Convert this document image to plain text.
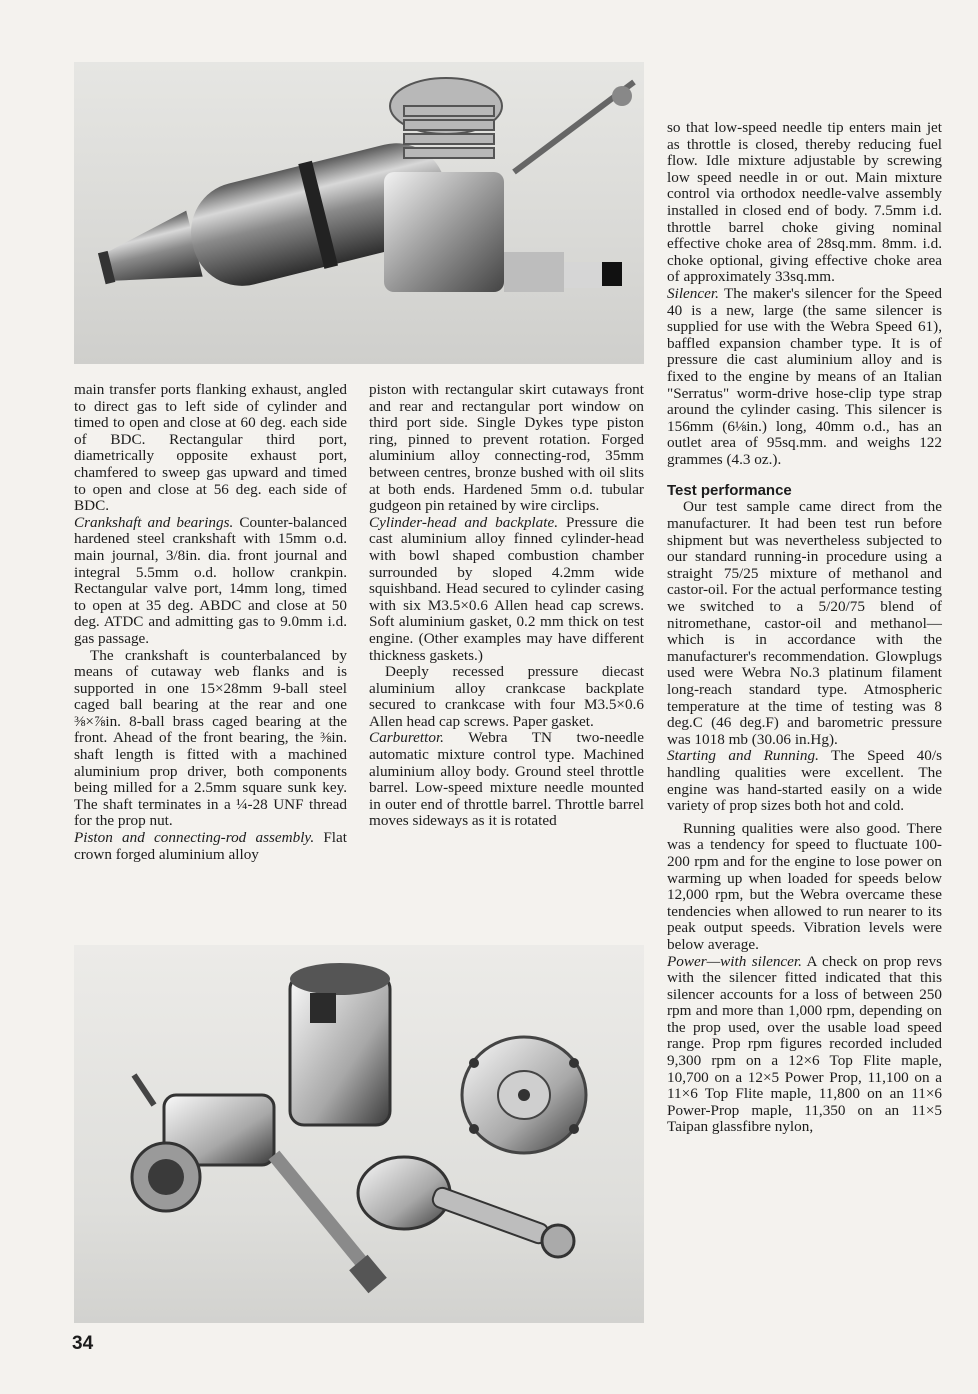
main transfer ports flanking exhaust, angled to direct gas to left side of cylinder and timed to open and close at 60 deg. each side of BDC. Rectangular third port, diametrically opposite exhaust port, chamfered to sweep gas upward and timed to open and close at 56 deg. each side of BDC.

Crankshaft and bearings. Counter-balanced hardened steel crankshaft with 15mm o.d. main journal, 3/8in. dia. front journal and integral 5.5mm o.d. hollow crankpin. Rectangular valve port, 14mm long, timed to open at 35 deg. ABDC and close at 50 deg. ATDC and admitting gas to 9.0mm i.d. gas passage.

The crankshaft is counterbalanced by means of cutaway web flanks and is supported in one 15×28mm 9-ball steel caged ball bearing at the rear and one ⅜×⅞in. 8-ball brass caged bearing at the front. Ahead of the front bearing, the ⅜in. shaft length is fitted with a machined aluminium prop driver, both components being milled for a 2.5mm square sunk key. The shaft terminates in a ¼-28 UNF thread for the prop nut.

Piston and connecting-rod assembly. Flat crown forged aluminium alloy

piston with rectangular skirt cutaways front and rear and rectangular port window on third port side. Single Dykes type piston ring, pinned to prevent rotation. Forged aluminium alloy connecting-rod, 35mm between centres, bronze bushed with oil slits at both ends. Hardened 5mm o.d. tubular gudgeon pin retained by wire circlips.

Cylinder-head and backplate. Pressure die cast aluminium alloy finned cylinder-head with bowl shaped combustion chamber surrounded by sloped 4.2mm wide squishband. Head secured to cylinder casing with six M3.5×0.6 Allen head cap screws. Soft aluminium gasket, 0.2 mm thick on test engine. (Other examples may have different thickness gaskets.)

Deeply recessed pressure diecast aluminium alloy crankcase backplate secured to crankcase with four M3.5×0.6 Allen head cap screws. Paper gasket.

Carburettor. Webra TN two-needle automatic mixture control type. Machined aluminium alloy body. Ground steel throttle barrel. Low-speed mixture needle mounted in outer end of throttle barrel. Throttle barrel moves sideways as it is rotated

so that low-speed needle tip enters main jet as throttle is closed, thereby reducing fuel flow. Idle mixture adjustable by screwing low speed needle in or out. Main mixture control via orthodox needle-valve assembly installed in closed end of body. 7.5mm i.d. throttle barrel choke giving nominal effective choke area of 28sq.mm. 8mm. i.d. choke optional, giving effective choke area of approximately 33sq.mm.

Silencer. The maker's silencer for the Speed 40 is a new, large (the same silencer is supplied for use with the Webra Speed 61), baffled expansion chamber type. It is of pressure die cast aluminium alloy and is fixed to the engine by means of an Italian "Serratus" worm-drive hose-clip type strap around the cylinder casing. This silencer is 156mm (6⅛in.) long, 40mm o.d., has an outlet area of 95sq.mm. and weighs 122 grammes (4.3 oz.).

Test performance

Our test sample came direct from the manufacturer. It had been test run before shipment but was nevertheless subjected to our standard running-in procedure using a straight 75/25 mixture of methanol and castor-oil. For the actual performance testing we switched to a 5/20/75 blend of nitromethane, castor-oil and methanol—which is in accordance with the manufacturer's recommendation. Glowplugs used were Webra No.3 platinum filament long-reach standard type. Atmospheric temperature at the time of testing was 8 deg.C (46 deg.F) and barometric pressure was 1018 mb (30.06 in.Hg).

Starting and Running. The Speed 40/s handling qualities were excellent. The engine was hand-started easily on a wide variety of prop sizes both hot and cold.

Running qualities were also good. There was a tendency for speed to fluctuate 100-200 rpm and for the engine to lose power on warming up when loaded for speeds below 12,000 rpm, but the Webra overcame these tendencies when allowed to run nearer to its peak output speeds. Vibration levels were below average.

Power—with silencer. A check on prop revs with the silencer fitted indicated that this silencer accounts for a loss of between 250 rpm and more than 1,000 rpm, depending on the prop used, over the usable load speed range. Prop rpm figures recorded included 9,300 rpm on a 12×6 Top Flite maple, 10,700 on a 12×5 Power Prop, 11,100 on a 11×6 Top Flite maple, 11,800 on an 11×6 Power-Prop maple, 11,350 on an 11×5 Taipan glassfibre nylon,

34
